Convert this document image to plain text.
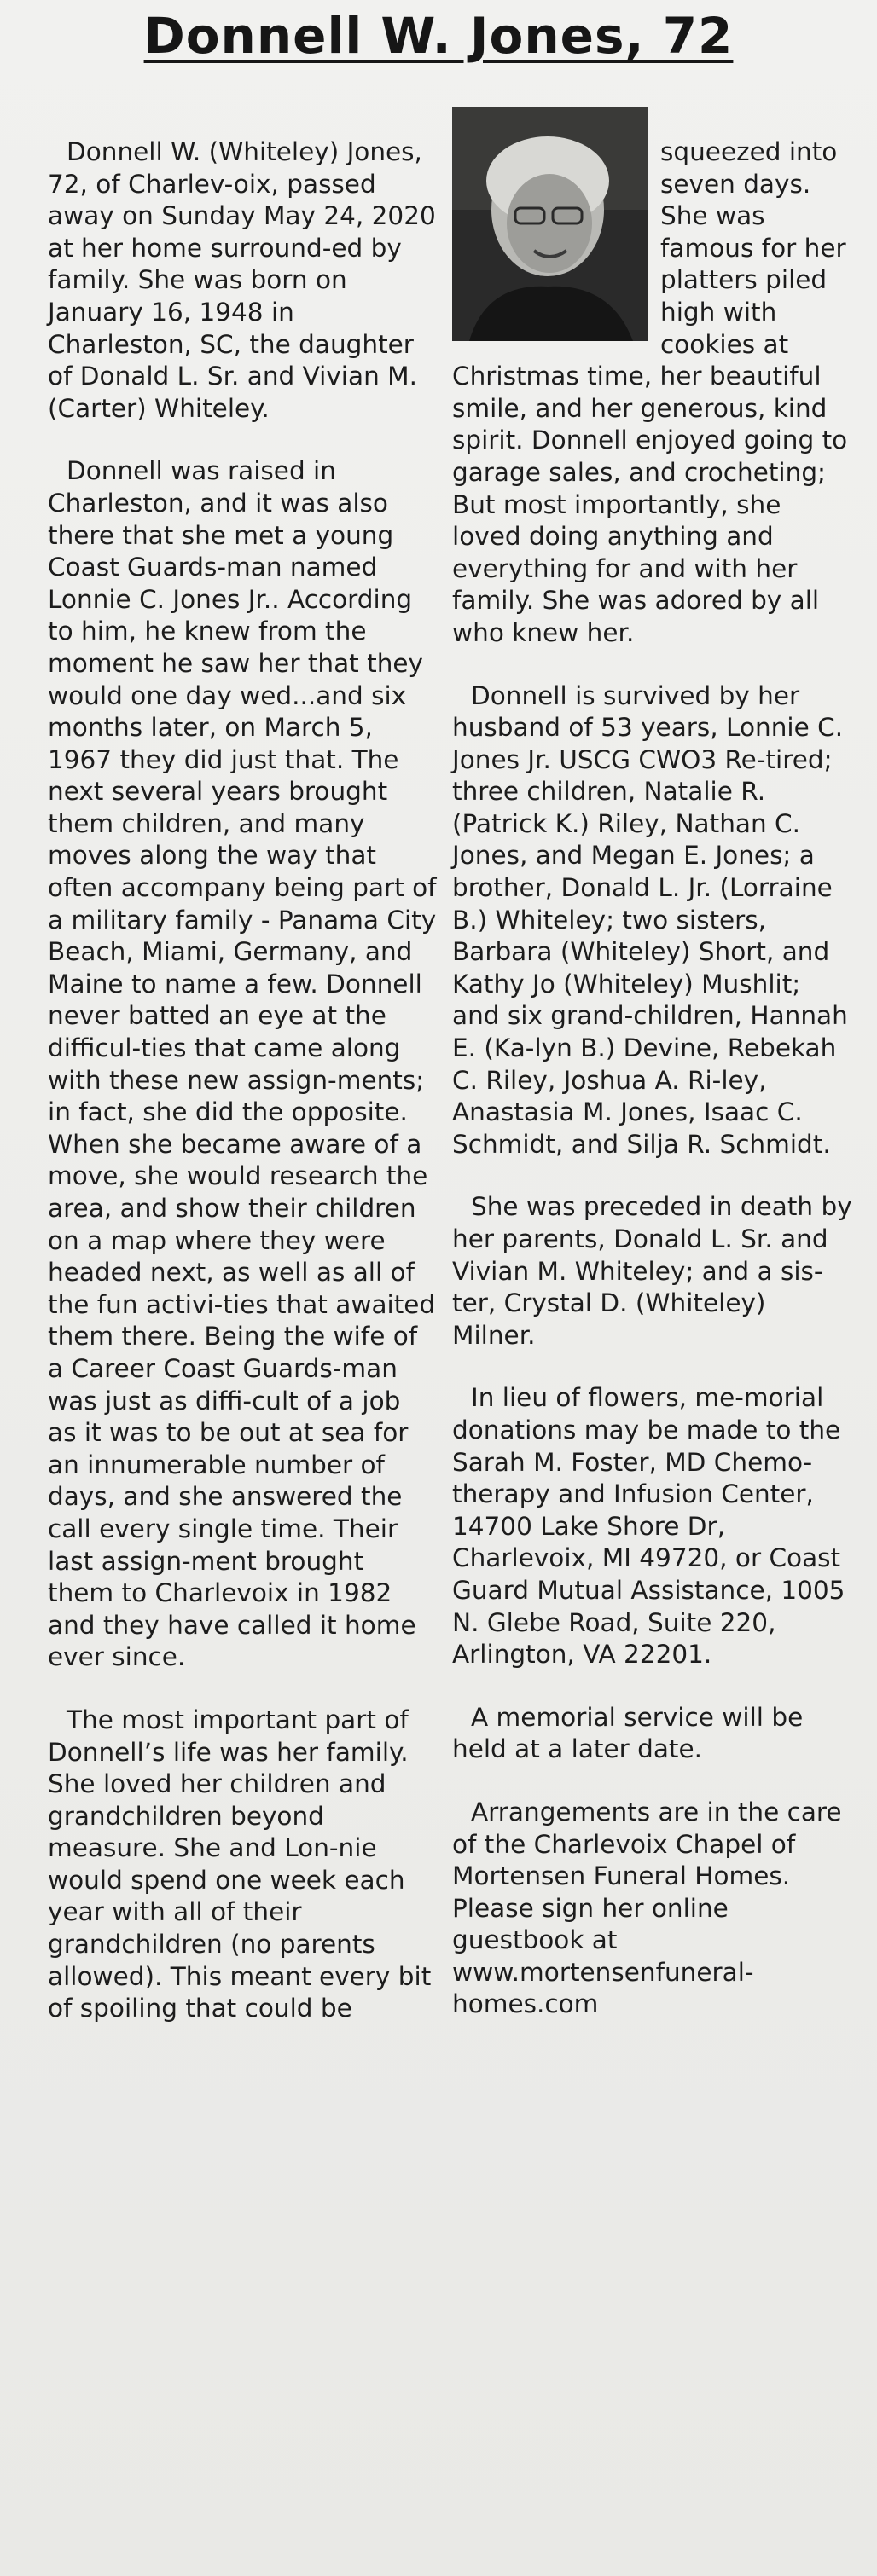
Donnell W. Jones, 72

Donnell W. (Whiteley) Jones, 72, of Charlev-oix, passed away on Sunday May 24, 2020 at her home surround-ed by family. She was born on January 16, 1948 in Charleston, SC, the daughter of Donald L. Sr. and Vivian M. (Carter) Whiteley.

Donnell was raised in Charleston, and it was also there that she met a young Coast Guards-man named Lonnie C. Jones Jr.. According to him, he knew from the moment he saw her that they would one day wed...and six months later, on March 5, 1967 they did just that. The next several years brought them children, and many moves along the way that often accompany being part of a military family - Panama City Beach, Miami, Germany, and Maine to name a few. Donnell never batted an eye at the difficul-ties that came along with these new assign-ments; in fact, she did the opposite. When she became aware of a move, she would research the area, and show their children on a map where they were headed next, as well as all of the fun activi-ties that awaited them there. Being the wife of a Career Coast Guards-man was just as diffi-cult of a job as it was to be out at sea for an innumerable number of days, and she answered the call every single time. Their last assign-ment brought them to Charlevoix in 1982 and they have called it home ever since.

The most important part of Donnell’s life was her family. She loved her children and grandchildren beyond measure. She and Lon-nie would spend one week each year with all of their grandchildren (no parents allowed). This meant every bit of spoiling that could be

squeezed into seven days. She was famous for her platters piled high with cookies at Christmas time, her beautiful smile, and her generous, kind spirit. Donnell enjoyed going to garage sales, and crocheting; But most importantly, she loved doing anything and everything for and with her family. She was adored by all who knew her.

Donnell is survived by her husband of 53 years, Lonnie C. Jones Jr. USCG CWO3 Re-tired; three children, Natalie R. (Patrick K.) Riley, Nathan C. Jones, and Megan E. Jones; a brother, Donald L. Jr. (Lorraine B.) Whiteley; two sisters, Barbara (Whiteley) Short, and Kathy Jo (Whiteley) Mushlit; and six grand-children, Hannah E. (Ka-lyn B.) Devine, Rebekah C. Riley, Joshua A. Ri-ley, Anastasia M. Jones, Isaac C. Schmidt, and Silja R. Schmidt.

She was preceded in death by her parents, Donald L. Sr. and Vivian M. Whiteley; and a sis-ter, Crystal D. (Whiteley) Milner.

In lieu of flowers, me-morial donations may be made to the Sarah M. Foster, MD Chemo-therapy and Infusion Center, 14700 Lake Shore Dr, Charlevoix, MI 49720, or Coast Guard Mutual Assistance, 1005 N. Glebe Road, Suite 220, Arlington, VA 22201.

A memorial service will be held at a later date.

Arrangements are in the care of the Charlevoix Chapel of Mortensen Funeral Homes. Please sign her online guestbook at www.mortensenfuneral-homes.com
